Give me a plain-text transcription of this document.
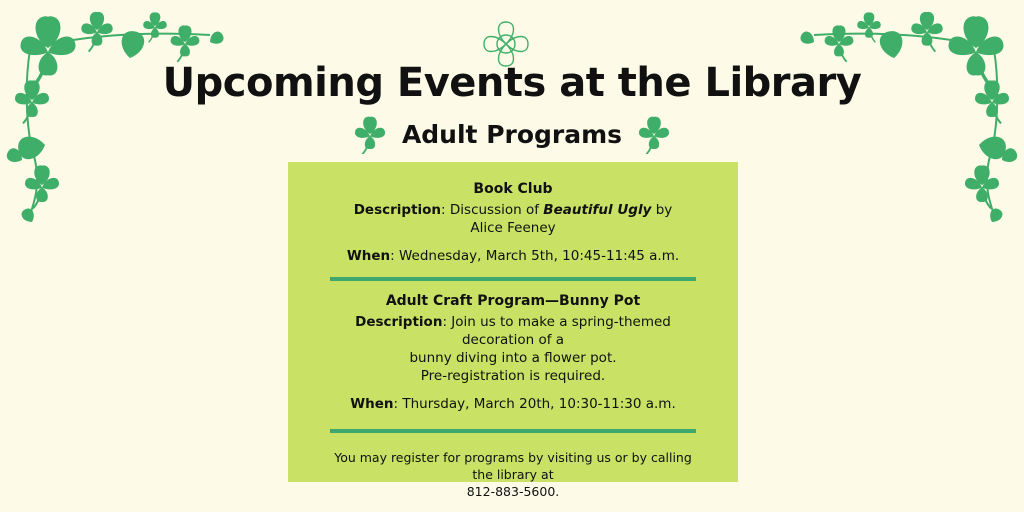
Upcoming Events at the Library
Adult Programs
Book Club

Description: Discussion of Beautiful Ugly by

Alice Feeney

When: Wednesday, March 5th, 10:45-11:45 a.m.

Adult Craft Program—Bunny Pot

Description: Join us to make a spring-themed decoration of a

bunny diving into a flower pot.

Pre-registration is required.

When: Thursday, March 20th, 10:30-11:30 a.m.

You may register for programs by visiting us or by calling the library at

812-883-5600.
